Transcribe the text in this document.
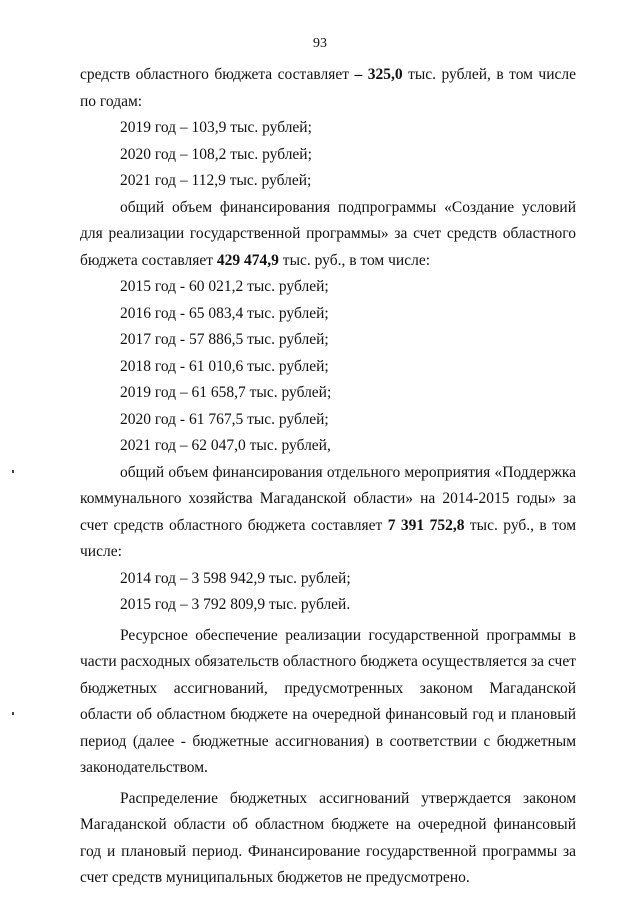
93

средств областного бюджета составляет – 325,0 тыс. рублей, в том числе по годам:

2019 год – 103,9 тыс. рублей;

2020 год – 108,2 тыс. рублей;

2021 год – 112,9 тыс. рублей;

общий объем финансирования подпрограммы «Создание условий для реализации государственной программы» за счет средств областного бюджета составляет 429 474,9 тыс. руб., в том числе:

2015 год - 60 021,2 тыс. рублей;

2016 год - 65 083,4 тыс. рублей;

2017 год - 57 886,5 тыс. рублей;

2018 год - 61 010,6 тыс. рублей;

2019 год – 61 658,7 тыс. рублей;

2020 год - 61 767,5 тыс. рублей;

2021 год – 62 047,0 тыс. рублей,

общий объем финансирования отдельного мероприятия «Поддержка коммунального хозяйства Магаданской области» на 2014-2015 годы» за счет средств областного бюджета составляет 7 391 752,8 тыс. руб., в том числе:

2014 год – 3 598 942,9 тыс. рублей;

2015 год – 3 792 809,9 тыс. рублей.

Ресурсное обеспечение реализации государственной программы в части расходных обязательств областного бюджета осуществляется за счет бюджетных ассигнований, предусмотренных законом Магаданской области об областном бюджете на очередной финансовый год и плановый период (далее - бюджетные ассигнования) в соответствии с бюджетным законодательством.

Распределение бюджетных ассигнований утверждается законом Магаданской области об областном бюджете на очередной финансовый год и плановый период. Финансирование государственной программы за счет средств муниципальных бюджетов не предусмотрено.
